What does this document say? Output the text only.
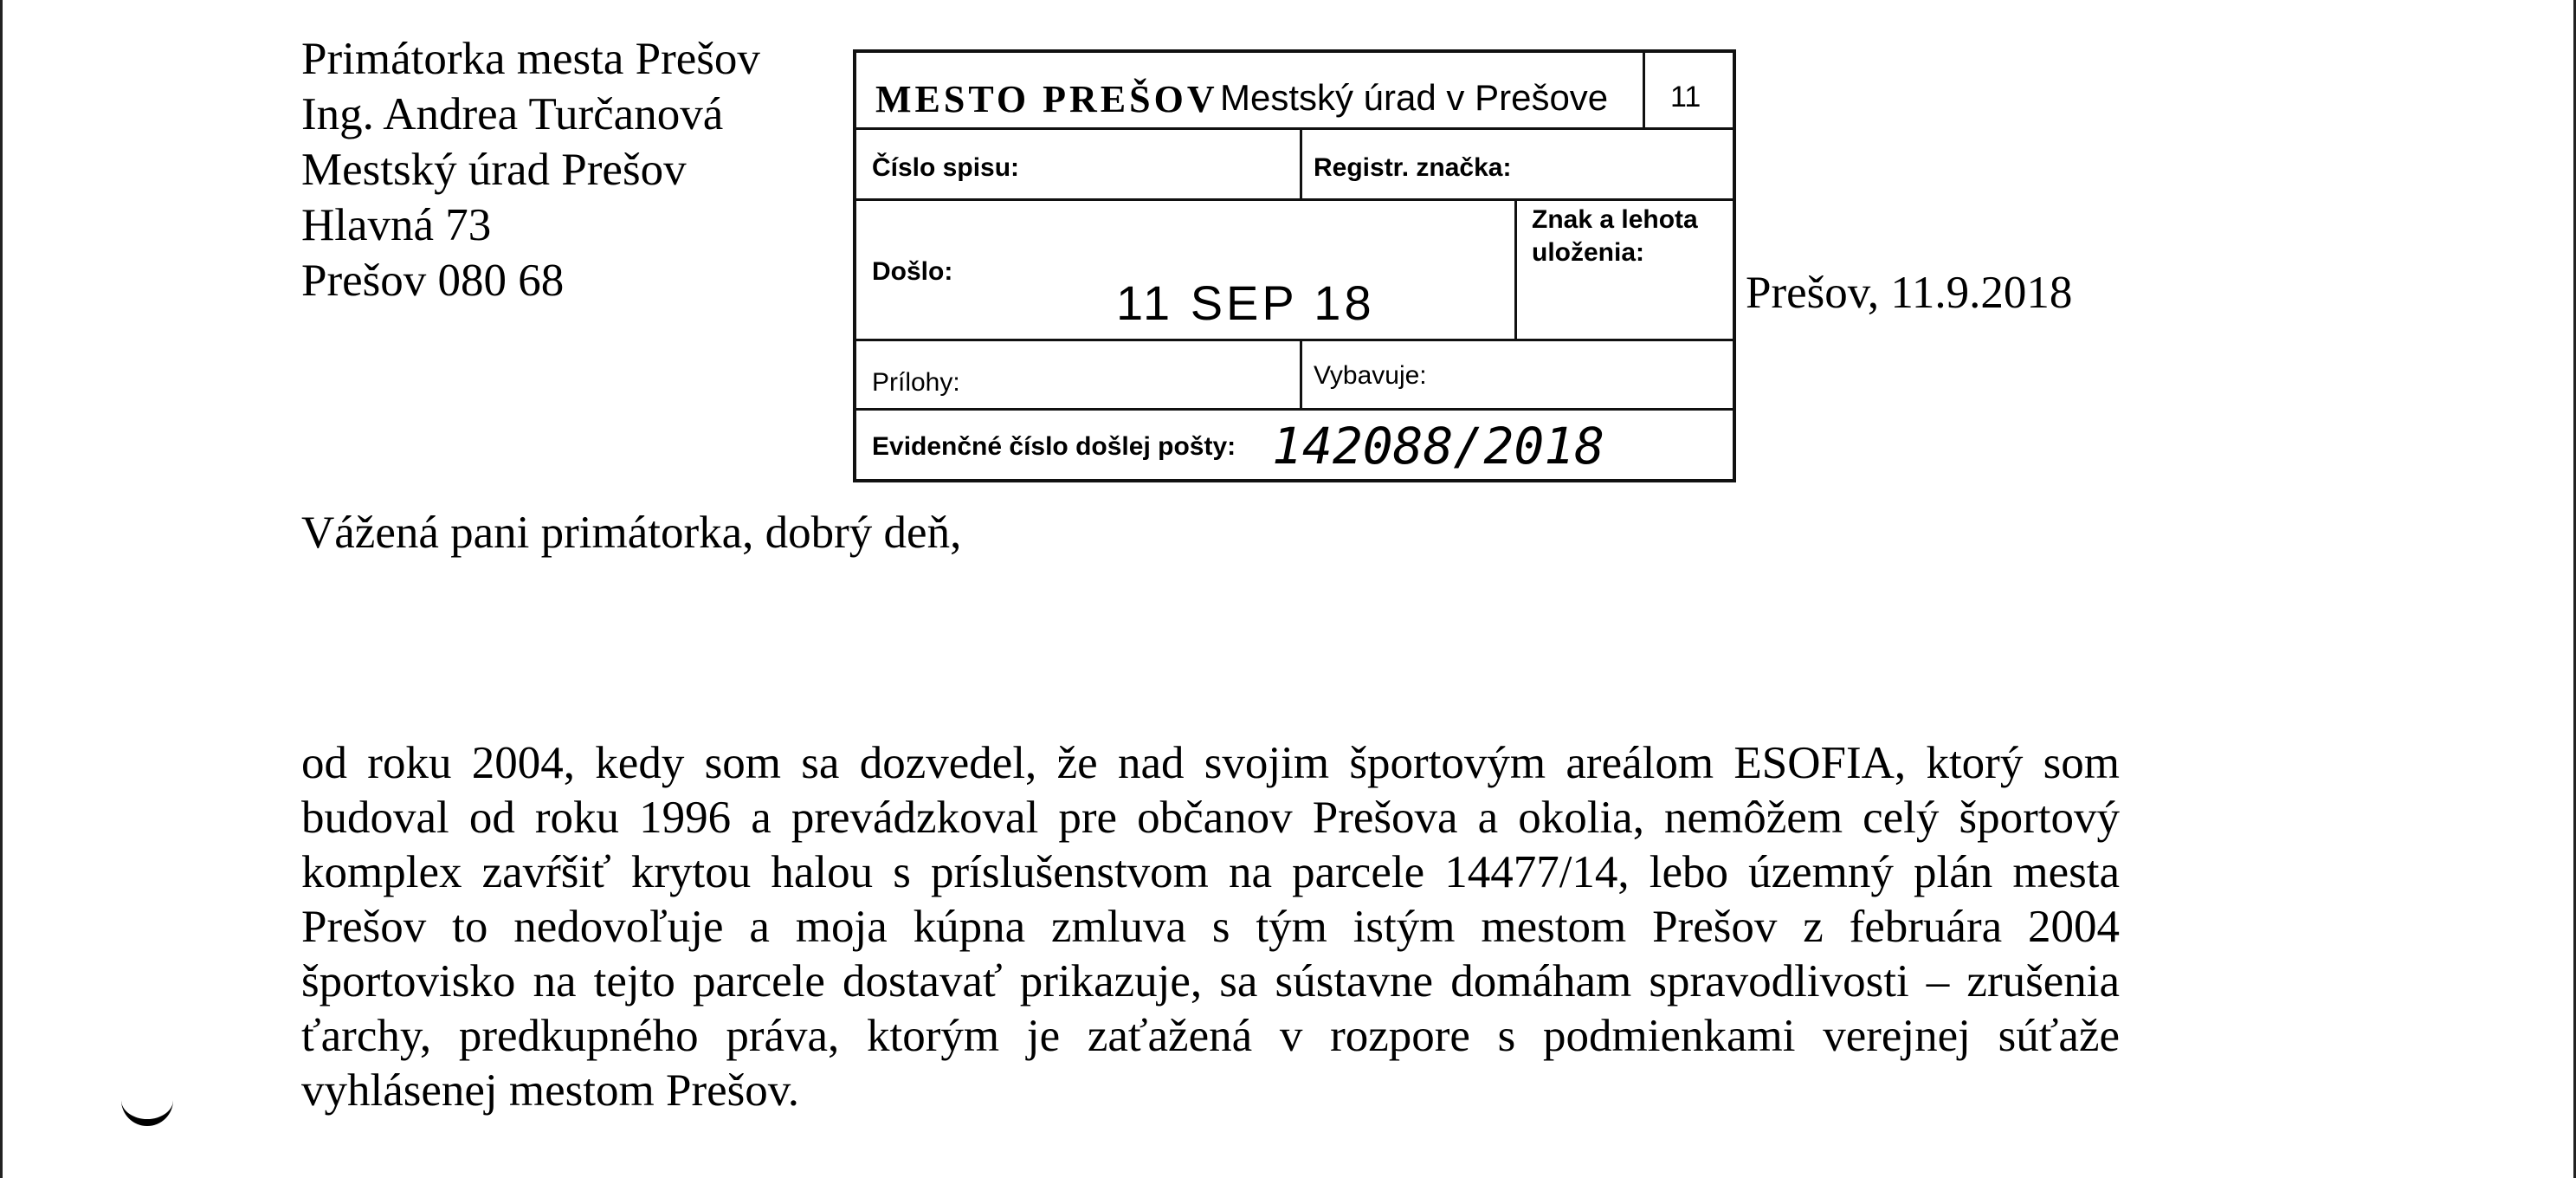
Primátorka mesta Prešov
Ing. Andrea Turčanová
Mestský úrad Prešov
Hlavná 73
Prešov 080 68
MESTO PREŠOV Mestský úrad v Prešove 11
Číslo spisu:	Registr. značka:
Došlo:
11 SEP 18
Znak a lehota
uloženia:
Prílohy:	Vybavuje:
Evidenčné číslo došlej pošty: 142088/2018
Prešov, 11.9.2018
Vážená pani primátorka, dobrý deň,
od roku 2004, kedy som sa dozvedel, že nad svojim športovým areálom ESOFIA, ktorý som budoval od roku 1996 a prevádzkoval pre občanov Prešova a okolia, nemôžem celý športový komplex zavŕšiť krytou halou s príslušenstvom na parcele 14477/14, lebo územný plán mesta Prešov to nedovoľuje a moja kúpna zmluva s tým istým mestom Prešov z februára 2004 športovisko na tejto parcele dostavať prikazuje, sa sústavne domáham spravodlivosti – zrušenia ťarchy, predkupného práva, ktorým je zaťažená v rozpore s podmienkami verejnej súťaže vyhlásenej mestom Prešov.
